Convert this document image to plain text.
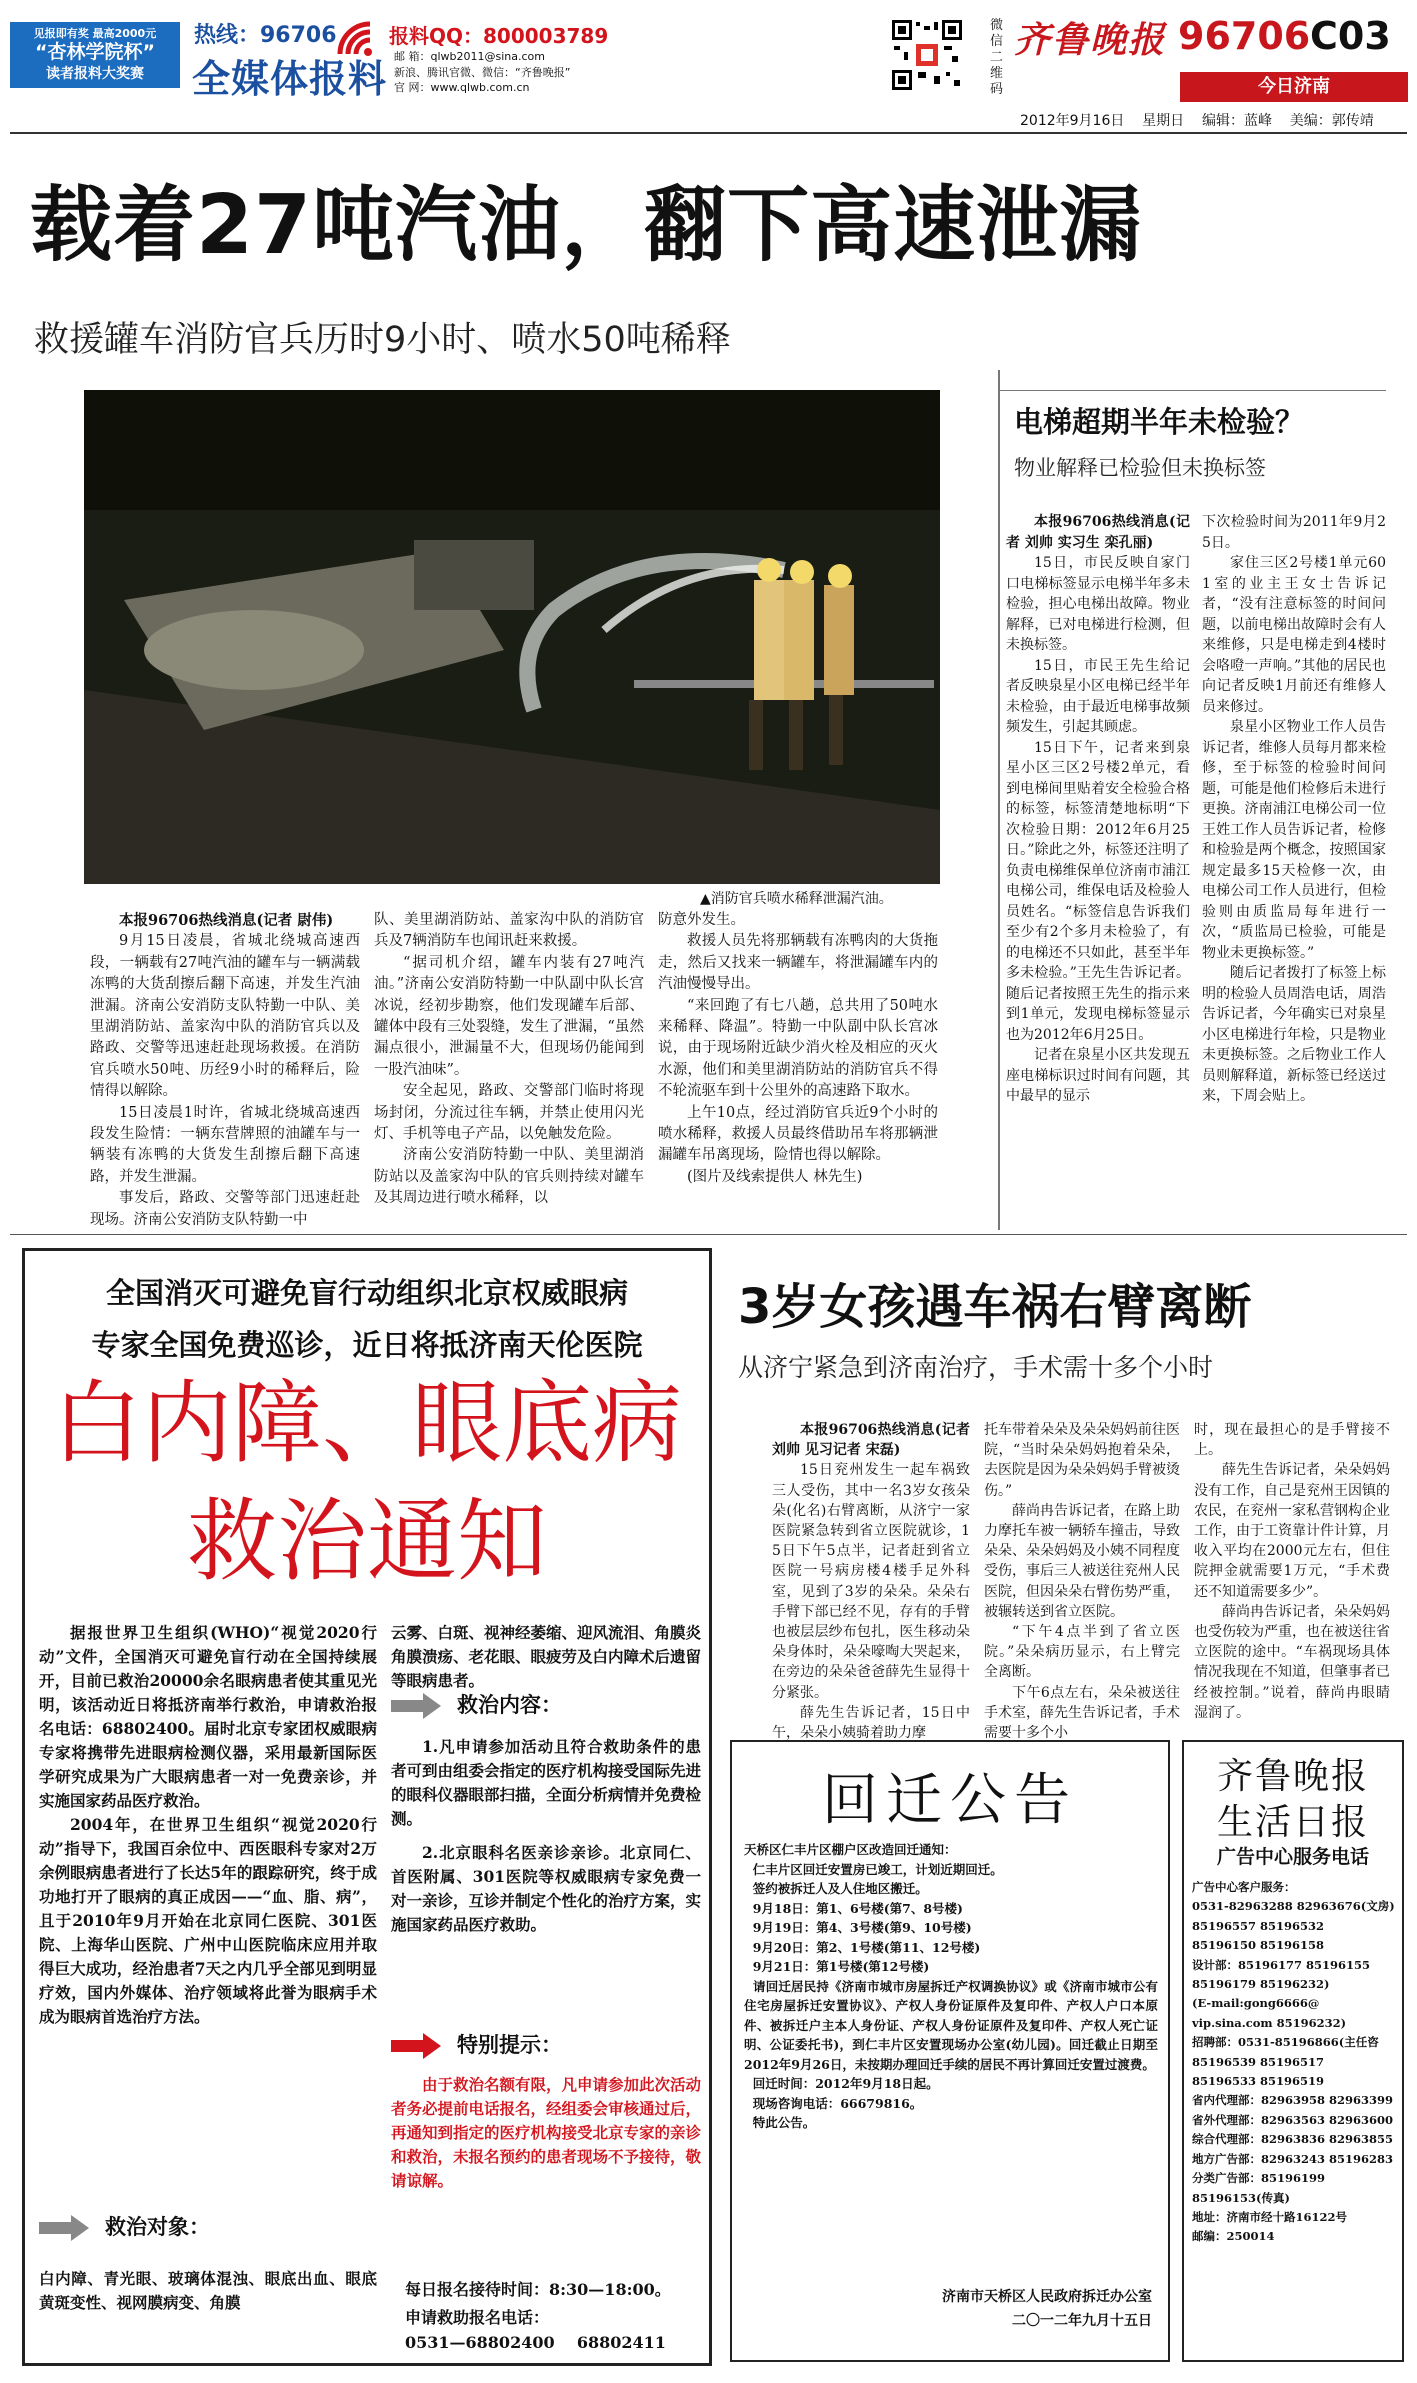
见报即有奖 最高2000元
“杏林学院杯”
读者报料大奖赛
热线：96706
全媒体报料
报料QQ：800003789
邮 箱：qlwb2011@sina.com
新浪、腾讯官微、微信：“齐鲁晚报”
官 网：www.qlwb.com.cn
微信二维码
齐鲁晚报 96706 C03
今日济南
2012年9月16日 星期日 编辑：蓝峰 美编：郭传靖
载着27吨汽油，翻下高速泄漏
救援罐车消防官兵历时9小时、喷水50吨稀释
▲消防官兵喷水稀释泄漏汽油。

本报96706热线消息(记者 尉伟)

9月15日凌晨，省城北绕城高速西段，一辆载有27吨汽油的罐车与一辆满载冻鸭的大货刮擦后翻下高速，并发生汽油泄漏。济南公安消防支队特勤一中队、美里湖消防站、盖家沟中队的消防官兵以及路政、交警等迅速赶赴现场救援。在消防官兵喷水50吨、历经9小时的稀释后，险情得以解除。

15日凌晨1时许，省城北绕城高速西段发生险情：一辆东营牌照的油罐车与一辆装有冻鸭的大货发生刮擦后翻下高速路，并发生泄漏。

事发后，路政、交警等部门迅速赶赴现场。济南公安消防支队特勤一中

队、美里湖消防站、盖家沟中队的消防官兵及7辆消防车也闻讯赶来救援。

“据司机介绍，罐车内装有27吨汽油。”济南公安消防特勤一中队副中队长宫冰说，经初步勘察，他们发现罐车后部、罐体中段有三处裂缝，发生了泄漏，“虽然漏点很小，泄漏量不大，但现场仍能闻到一股汽油味”。

安全起见，路政、交警部门临时将现场封闭，分流过往车辆，并禁止使用闪光灯、手机等电子产品，以免触发危险。

济南公安消防特勤一中队、美里湖消防站以及盖家沟中队的官兵则持续对罐车及其周边进行喷水稀释，以

防意外发生。

救援人员先将那辆载有冻鸭肉的大货拖走，然后又找来一辆罐车，将泄漏罐车内的汽油慢慢导出。

“来回跑了有七八趟，总共用了50吨水来稀释、降温”。特勤一中队副中队长宫冰说，由于现场附近缺少消火栓及相应的灭火水源，他们和美里湖消防站的消防官兵不得不轮流驱车到十公里外的高速路下取水。

上午10点，经过消防官兵近9个小时的喷水稀释，救援人员最终借助吊车将那辆泄漏罐车吊离现场，险情也得以解除。

(图片及线索提供人 林先生)

电梯超期半年未检验？
物业解释已检验但未换标签

本报96706热线消息(记者 刘帅 实习生 栾孔丽)

15日，市民反映自家门口电梯标签显示电梯半年多未检验，担心电梯出故障。物业解释，已对电梯进行检测，但未换标签。

15日，市民王先生给记者反映泉星小区电梯已经半年未检验，由于最近电梯事故频频发生，引起其顾虑。

15日下午，记者来到泉星小区三区2号楼2单元，看到电梯间里贴着安全检验合格的标签，标签清楚地标明“下次检验日期：2012年6月25日。”除此之外，标签还注明了负责电梯维保单位济南市浦江电梯公司，维保电话及检验人员姓名。“标签信息告诉我们至少有2个多月未检验了，有的电梯还不只如此，甚至半年多未检验。”王先生告诉记者。随后记者按照王先生的指示来到1单元，发现电梯标签显示也为2012年6月25日。

记者在泉星小区共发现五座电梯标识过时间有问题，其中最早的显示

下次检验时间为2011年9月25日。

家住三区2号楼1单元601室的业主王女士告诉记者，“没有注意标签的时间问题，以前电梯出故障时会有人来维修，只是电梯走到4楼时会咯噔一声响。”其他的居民也向记者反映1月前还有维修人员来修过。

泉星小区物业工作人员告诉记者，维修人员每月都来检修，至于标签的检验时间问题，可能是他们检修后未进行更换。济南浦江电梯公司一位王姓工作人员告诉记者，检修和检验是两个概念，按照国家规定最多15天检修一次，由电梯公司工作人员进行，但检验则由质监局每年进行一次，“质监局已检验，可能是物业未更换标签。”

随后记者拨打了标签上标明的检验人员周浩电话，周浩告诉记者，今年确实已对泉星小区电梯进行年检，只是物业未更换标签。之后物业工作人员则解释道，新标签已经送过来，下周会贴上。

全国消灭可避免盲行动组织北京权威眼病
专家全国免费巡诊，近日将抵济南天伦医院
白内障、眼底病
救治通知

据报世界卫生组织(WHO)“视觉2020行动”文件，全国消灭可避免盲行动在全国持续展开，目前已救治20000余名眼病患者使其重见光明，该活动近日将抵济南举行救治，申请救治报名电话：68802400。届时北京专家团权威眼病专家将携带先进眼病检测仪器，采用最新国际医学研究成果为广大眼病患者一对一免费亲诊，并实施国家药品医疗救治。

2004年，在世界卫生组织“视觉2020行动”指导下，我国百余位中、西医眼科专家对2万余例眼病患者进行了长达5年的跟踪研究，终于成功地打开了眼病的真正成因——“血、脂、病”，且于2010年9月开始在北京同仁医院、301医院、上海华山医院、广州中山医院临床应用并取得巨大成功，经治患者7天之内几乎全部见到明显疗效，国内外媒体、治疗领域将此誉为眼病手术成为眼病首选治疗方法。

救治对象：
白内障、青光眼、玻璃体混浊、眼底出血、眼底黄斑变性、视网膜病变、角膜

云雾、白斑、视神经萎缩、迎风流泪、角膜炎角膜溃疡、老花眼、眼疲劳及白内障术后遗留等眼病患者。

救治内容：

1.凡申请参加活动且符合救助条件的患者可到由组委会指定的医疗机构接受国际先进的眼科仪器眼部扫描，全面分析病情并免费检测。

2.北京眼科名医亲诊亲诊。北京同仁、首医附属、301医院等权威眼病专家免费一对一亲诊，互诊并制定个性化的治疗方案，实施国家药品医疗救助。

特别提示：

由于救治名额有限，凡申请参加此次活动者务必提前电话报名，经组委会审核通过后，再通知到指定的医疗机构接受北京专家的亲诊和救治，未报名预约的患者现场不予接待，敬请谅解。

每日报名接待时间：8:30—18:00。
申请救助报名电话：
0531—68802400    68802411
3岁女孩遇车祸右臂离断
从济宁紧急到济南治疗，手术需十多个小时

本报96706热线消息(记者 刘帅 见习记者 宋磊)

15日兖州发生一起车祸致三人受伤，其中一名3岁女孩朵朵(化名)右臂离断，从济宁一家医院紧急转到省立医院就诊，15日下午5点半，记者赶到省立医院一号病房楼4楼手足外科室，见到了3岁的朵朵。朵朵右手臂下部已经不见，存有的手臂也被层层纱布包扎，医生移动朵朵身体时，朵朵嚎啕大哭起来，在旁边的朵朵爸爸薛先生显得十分紧张。

薛先生告诉记者，15日中午，朵朵小姨骑着助力摩

托车带着朵朵及朵朵妈妈前往医院，“当时朵朵妈妈抱着朵朵，去医院是因为朵朵妈妈手臂被烫伤。”

薛尚冉告诉记者，在路上助力摩托车被一辆轿车撞击，导致朵朵、朵朵妈妈及小姨不同程度受伤，事后三人被送往兖州人民医院，但因朵朵右臂伤势严重，被辗转送到省立医院。

“下午4点半到了省立医院。”朵朵病历显示，右上臂完全离断。

下午6点左右，朵朵被送往手术室，薛先生告诉记者，手术需要十多个小

时，现在最担心的是手臂接不上。

薛先生告诉记者，朵朵妈妈没有工作，自己是兖州王因镇的农民，在兖州一家私营钢构企业工作，由于工资靠计件计算，月收入平均在2000元左右，但住院押金就需要1万元，“手术费还不知道需要多少”。

薛尚冉告诉记者，朵朵妈妈也受伤较为严重，也在被送往省立医院的途中。“车祸现场具体情况我现在不知道，但肇事者已经被控制。”说着，薛尚冉眼睛湿润了。

回迁公告
天桥区仁丰片区棚户区改造回迁通知：
仁丰片区回迁安置房已竣工，计划近期回迁。
签约被拆迁人及人住地区搬迁。
9月18日：第1、6号楼(第7、8号楼)
9月19日：第4、3号楼(第9、10号楼)
9月20日：第2、1号楼(第11、12号楼)
9月21日：第1号楼(第12号楼)
请回迁居民持《济南市城市房屋拆迁产权调换协议》或《济南市城市公有住宅房屋拆迁安置协议》、产权人身份证原件及复印件、产权人户口本原件、被拆迁户主本人身份证、产权人身份证原件及复印件、产权人死亡证明、公证委托书)，到仁丰片区安置现场办公室(幼儿园)。回迁截止日期至2012年9月26日，未按期办理回迁手续的居民不再计算回迁安置过渡费。
回迁时间：2012年9月18日起。
现场咨询电话：66679816。
特此公告。
济南市天桥区人民政府拆迁办公室
二〇一二年九月十五日
齐鲁晚报
生活日报
广告中心服务电话
广告中心客户服务：
0531-82963288 82963676(文房)
85196557 85196532
85196150 85196158
设计部：85196177 85196155
85196179 85196232)
(E-mail:gong6666@
vip.sina.com 85196232)
招聘部：0531-85196866(主任咨
85196539 85196517
85196533 85196519
省内代理部：82963958 82963399
省外代理部：82963563 82963600
综合代理部：82963836 82963855
地方广告部：82963243 85196283
分类广告部：85196199
85196153(传真)
地址：济南市经十路16122号
邮编：250014
